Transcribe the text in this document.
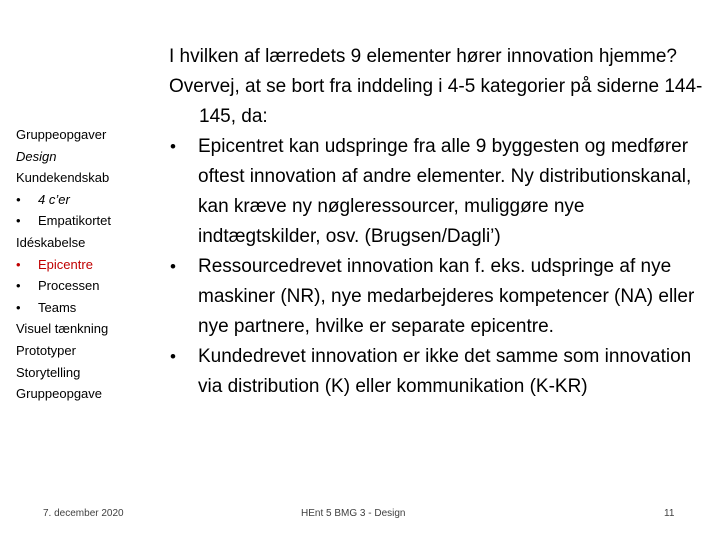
Gruppeopgaver
Design
Kundekendskab
• 4 c’er
• Empatikortet
Idéskabelse
• Epicentre
• Processen
• Teams
Visuel tænkning
Prototyper
Storytelling
Gruppeopgave
I hvilken af lærredets 9 elementer hører innovation hjemme?
Overvej, at se bort fra inddeling i 4-5 kategorier på siderne 144-145, da:
• Epicentret kan udspringe fra alle 9 byggesten og medfører oftest innovation af andre elementer. Ny distributionskanal, kan kræve ny nøgleressourcer, muliggøre nye indtægtskilder, osv. (Brugsen/Dagli’)
• Ressourcedrevet innovation kan f. eks. udspringe af nye maskiner (NR), nye medarbejderes kompetencer (NA) eller nye partnere, hvilke er separate epicentre.
• Kundedrevet innovation er ikke det samme som innovation via distribution (K) eller kommunikation (K-KR)
7. december 2020	HEnt 5 BMG 3 - Design	11
